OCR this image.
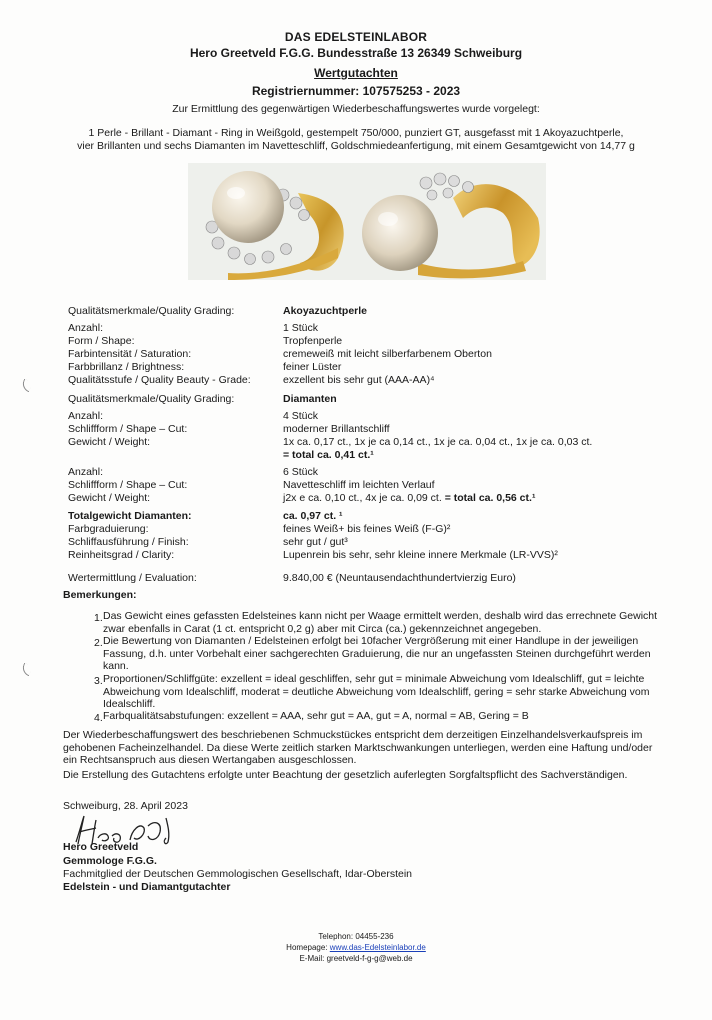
DAS EDELSTEINLABOR
Hero Greetveld F.G.G. Bundesstraße 13 26349 Schweiburg
Wertgutachten
Registriernummer: 107575253 - 2023
Zur Ermittlung des gegenwärtigen Wiederbeschaffungswertes wurde vorgelegt:
1 Perle - Brillant - Diamant - Ring in Weißgold, gestempelt 750/000, punziert GT, ausgefasst mit 1 Akoyazuchtperle,
vier Brillanten und sechs Diamanten im Navetteschliff, Goldschmiedeanfertigung, mit einem Gesamtgewicht von 14,77 g
Qualitätsmerkmale/Quality Grading:	Akoyazuchtperle
Anzahl:	1 Stück
Form / Shape:	Tropfenperle
Farbintensität / Saturation:	cremeweiß mit leicht silberfarbenem Oberton
Farbbrillanz / Brightness:	feiner Lüster
Qualitätsstufe / Quality Beauty - Grade:	exzellent bis sehr gut (AAA-AA)⁴
Qualitätsmerkmale/Quality Grading:	Diamanten
Anzahl:	4 Stück
Schliffform / Shape – Cut:	moderner Brillantschliff
Gewicht / Weight:	1x ca. 0,17 ct., 1x je ca 0,14 ct., 1x je ca. 0,04 ct., 1x je ca. 0,03 ct.
= total ca. 0,41 ct.¹
Anzahl:	6 Stück
Schliffform / Shape – Cut:	Navetteschliff im leichten Verlauf
Gewicht / Weight:	j2x e ca. 0,10 ct., 4x je ca. 0,09 ct. = total ca. 0,56 ct.¹
Totalgewicht Diamanten:	ca. 0,97 ct. ¹
Farbgraduierung:	feines Weiß+ bis feines Weiß (F-G)²
Schliffausführung / Finish:	sehr gut / gut³
Reinheitsgrad / Clarity:	Lupenrein bis sehr, sehr kleine innere Merkmale (LR-VVS)²
Wertermittlung / Evaluation:	9.840,00 € (Neuntausendachthundertvierzig Euro)
Bemerkungen:
1. Das Gewicht eines gefassten Edelsteines kann nicht per Waage ermittelt werden, deshalb wird das errechnete Gewicht zwar ebenfalls in Carat (1 ct. entspricht 0,2 g) aber mit Circa (ca.) gekennzeichnet angegeben.
2. Die Bewertung von Diamanten / Edelsteinen erfolgt bei 10facher Vergrößerung mit einer Handlupe in der jeweiligen Fassung, d.h. unter Vorbehalt einer sachgerechten Graduierung, die nur an ungefassten Steinen durchgeführt werden kann.
3. Proportionen/Schliffgüte: exzellent = ideal geschliffen, sehr gut = minimale Abweichung vom Idealschliff, gut = leichte Abweichung vom Idealschliff, moderat = deutliche Abweichung vom Idealschliff, gering = sehr starke Abweichung vom Idealschliff.
4. Farbqualitätsabstufungen: exzellent = AAA, sehr gut = AA, gut = A, normal = AB, Gering = B
Der Wiederbeschaffungswert des beschriebenen Schmuckstückes entspricht dem derzeitigen Einzelhandelsverkaufspreis im gehobenen Facheinzelhandel. Da diese Werte zeitlich starken Marktschwankungen unterliegen, werden eine Haftung und/oder ein Rechtsanspruch aus diesen Wertangaben ausgeschlossen.
Die Erstellung des Gutachtens erfolgte unter Beachtung der gesetzlich auferlegten Sorgfaltspflicht des Sachverständigen.
Schweiburg, 28. April 2023
Hero Greetveld
Gemmologe F.G.G.
Fachmitglied der Deutschen Gemmologischen Gesellschaft, Idar-Oberstein
Edelstein - und Diamantgutachter
Telephon: 04455-236
Homepage: www.das-Edelsteinlabor.de
E-Mail: greetveld-f-g-g@web.de
